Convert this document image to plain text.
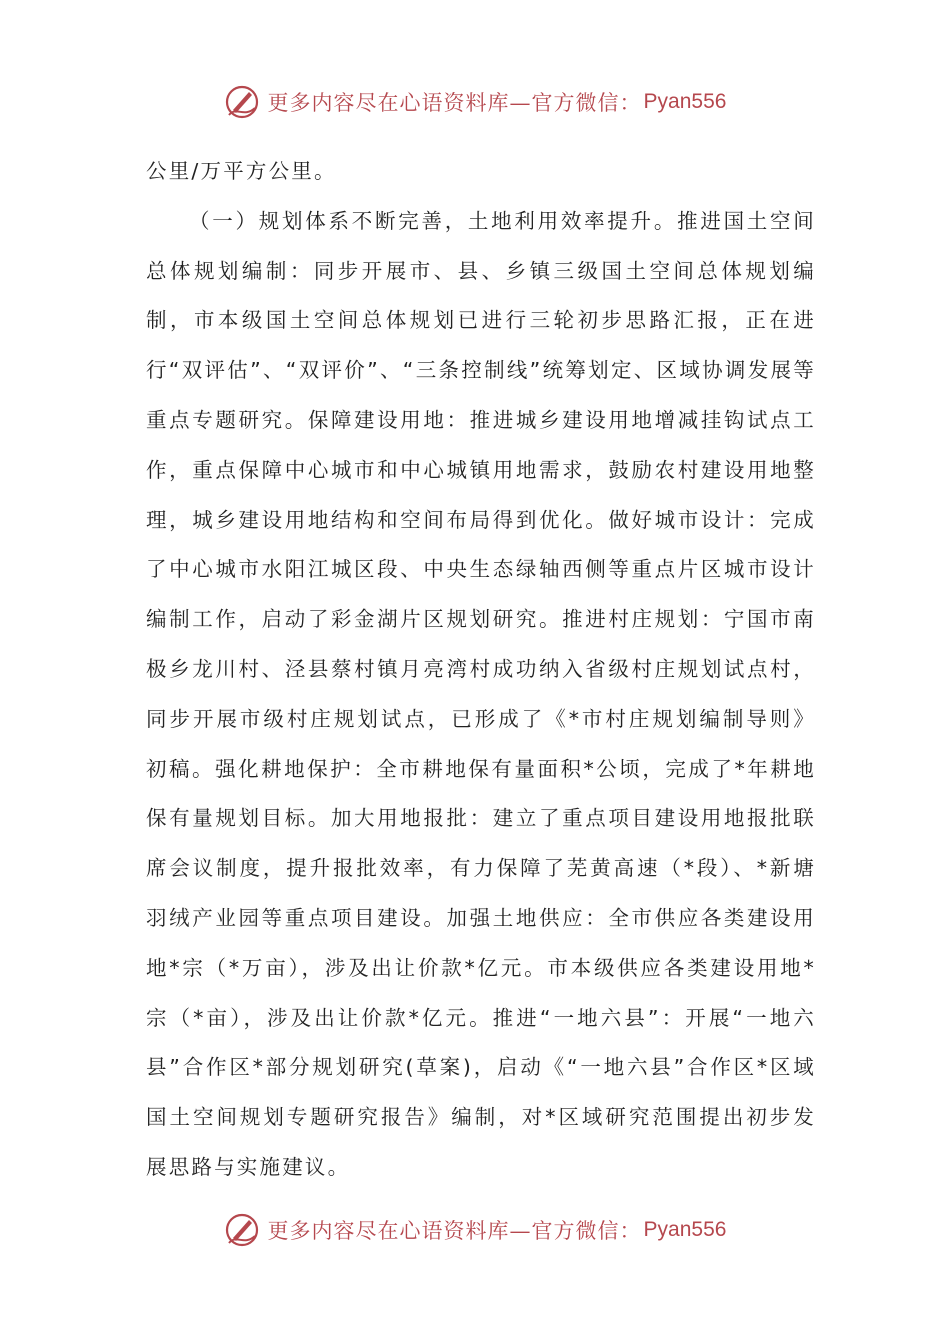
更多内容尽在心语资料库—官方微信： Pyan556

公里/万平方公里。

（一）规划体系不断完善，土地利用效率提升。推进国土空间总体规划编制：同步开展市、县、乡镇三级国土空间总体规划编制，市本级国土空间总体规划已进行三轮初步思路汇报，正在进行“双评估”、“双评价”、“三条控制线”统筹划定、区域协调发展等重点专题研究。保障建设用地：推进城乡建设用地增减挂钩试点工作，重点保障中心城市和中心城镇用地需求，鼓励农村建设用地整理，城乡建设用地结构和空间布局得到优化。做好城市设计：完成了中心城市水阳江城区段、中央生态绿轴西侧等重点片区城市设计编制工作，启动了彩金湖片区规划研究。推进村庄规划：宁国市南极乡龙川村、泾县蔡村镇月亮湾村成功纳入省级村庄规划试点村，同步开展市级村庄规划试点，已形成了《*市村庄规划编制导则》初稿。强化耕地保护：全市耕地保有量面积*公顷，完成了*年耕地保有量规划目标。加大用地报批：建立了重点项目建设用地报批联席会议制度，提升报批效率，有力保障了芜黄高速（*段）、*新塘羽绒产业园等重点项目建设。加强土地供应：全市供应各类建设用地*宗（*万亩），涉及出让价款*亿元。市本级供应各类建设用地*宗（*亩），涉及出让价款*亿元。推进“一地六县”：开展“一地六县”合作区*部分规划研究(草案)，启动《“一地六县”合作区*区域国土空间规划专题研究报告》编制，对*区域研究范围提出初步发展思路与实施建议。

更多内容尽在心语资料库—官方微信： Pyan556
